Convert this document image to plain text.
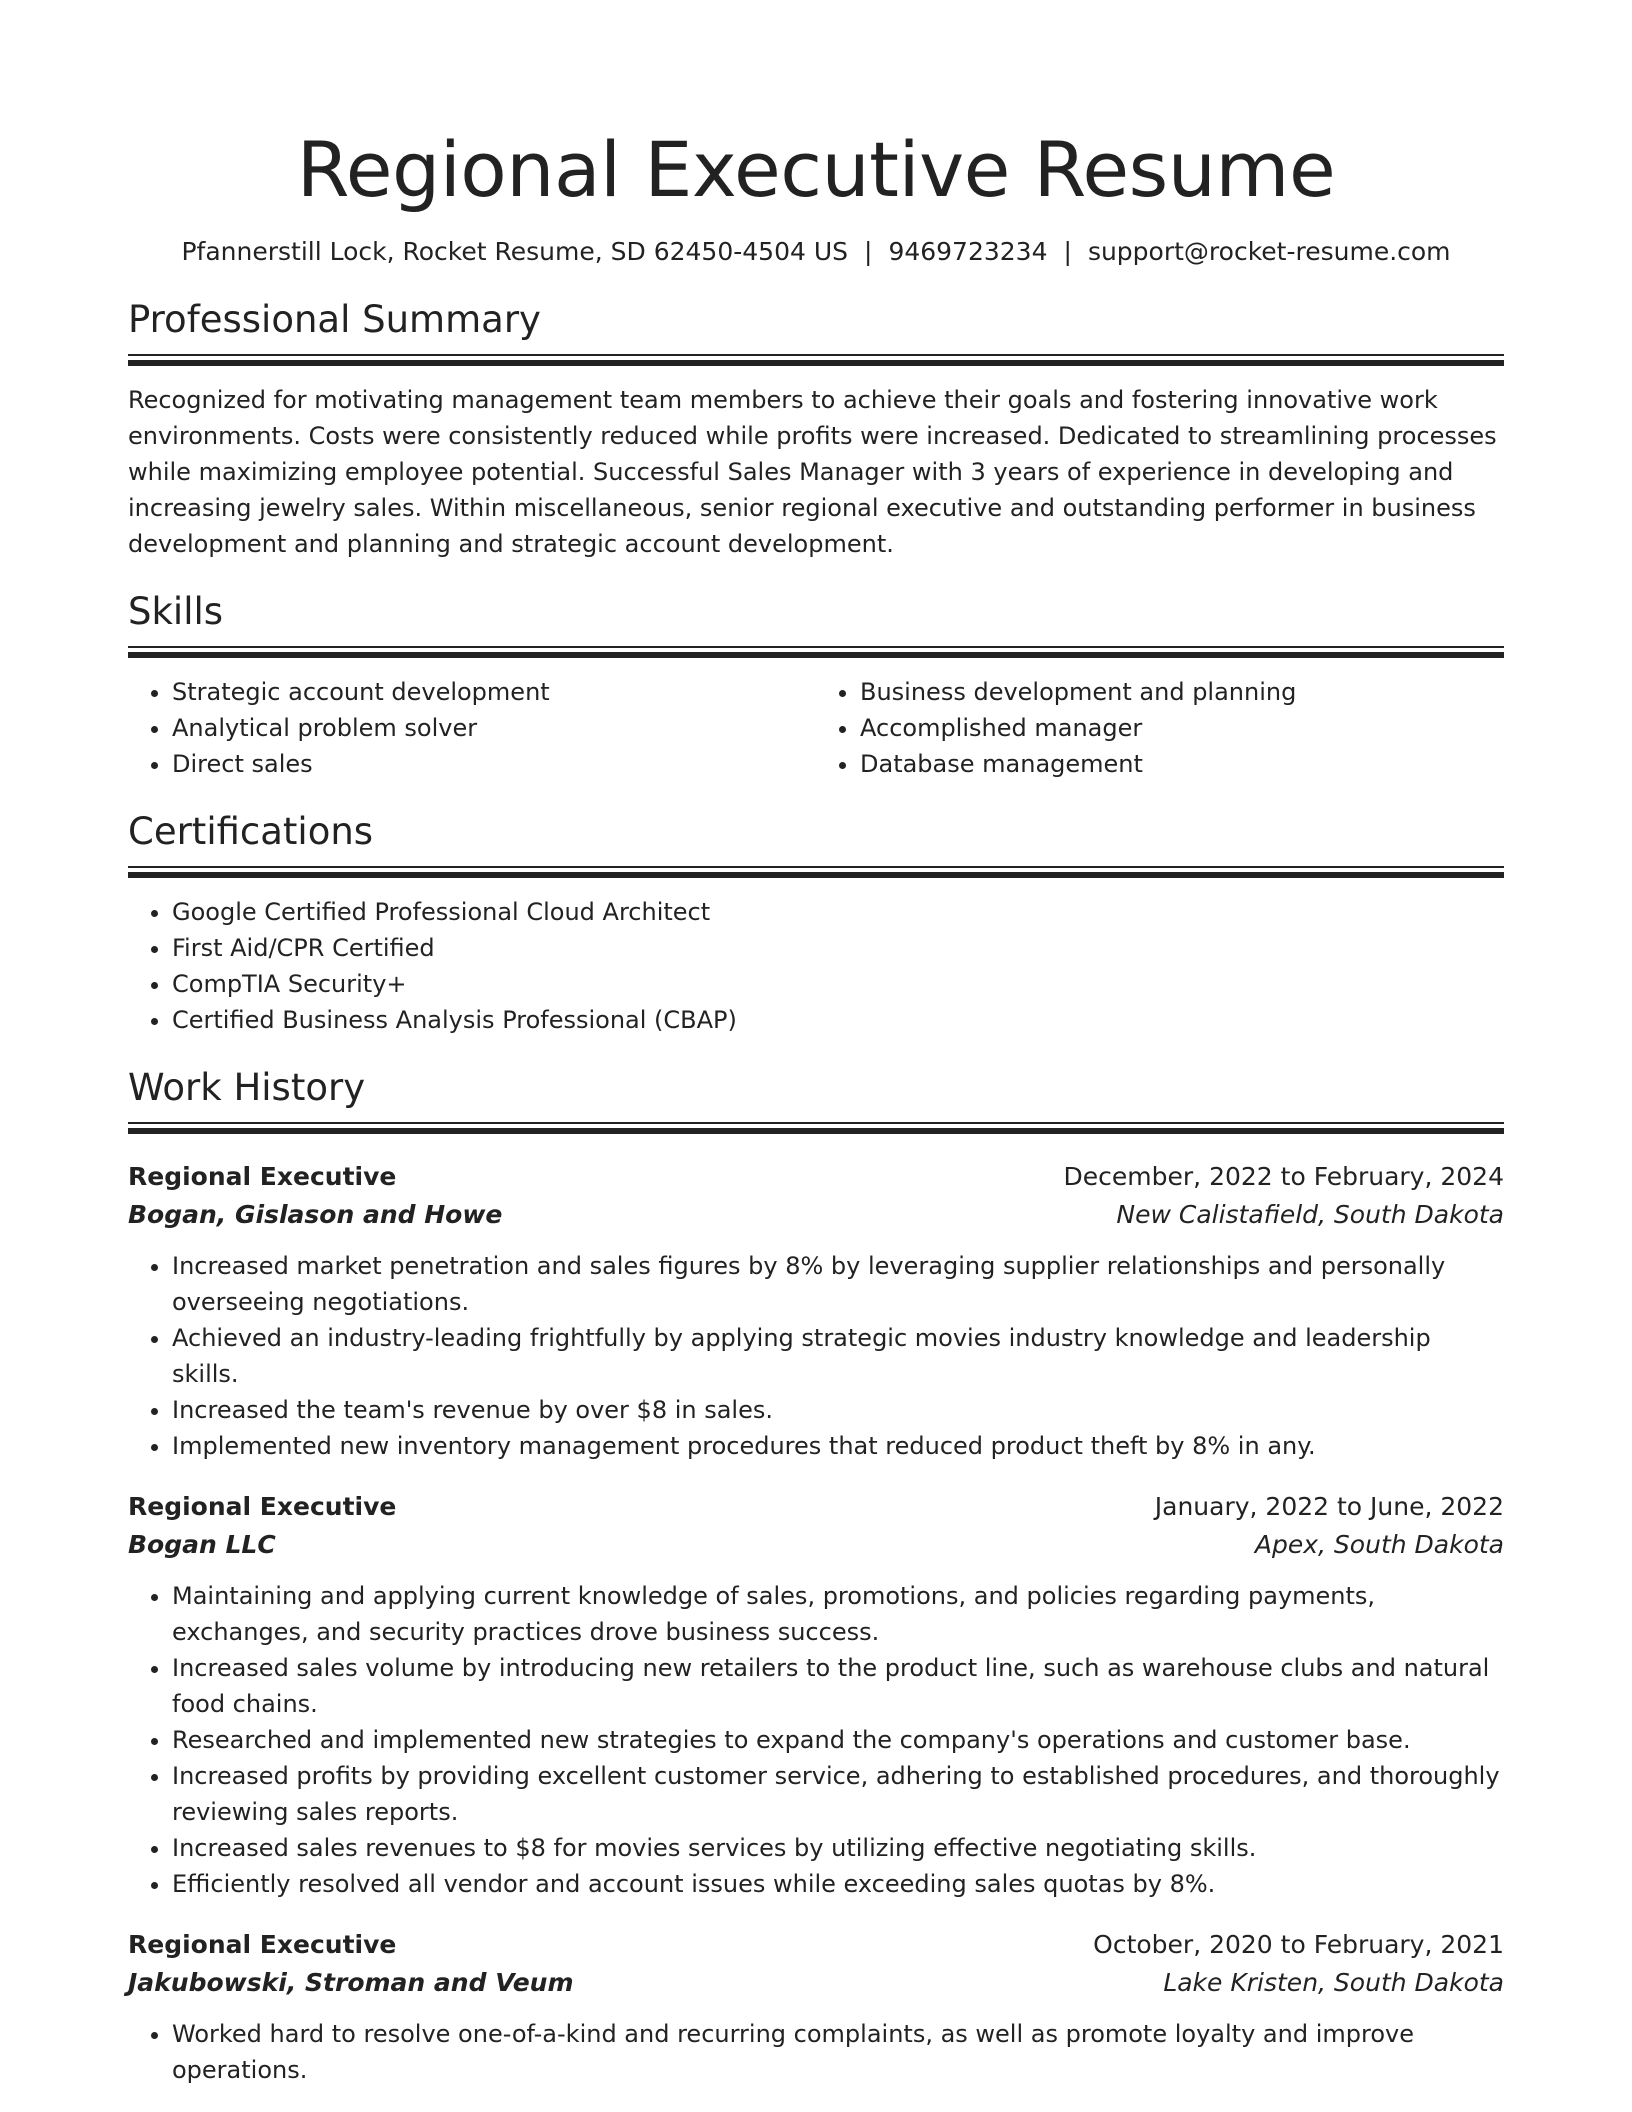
Regional Executive Resume
Pfannerstill Lock, Rocket Resume, SD 62450-4504 US | 9469723234 | support@rocket-resume.com
Professional Summary
Recognized for motivating management team members to achieve their goals and fostering innovative work environments. Costs were consistently reduced while profits were increased. Dedicated to streamlining processes while maximizing employee potential. Successful Sales Manager with 3 years of experience in developing and increasing jewelry sales. Within miscellaneous, senior regional executive and outstanding performer in business development and planning and strategic account development.
Skills
• Strategic account development
• Analytical problem solver
• Direct sales
• Business development and planning
• Accomplished manager
• Database management
Certifications
• Google Certified Professional Cloud Architect
• First Aid/CPR Certified
• CompTIA Security+
• Certified Business Analysis Professional (CBAP)
Work History
Regional Executive	December, 2022 to February, 2024
Bogan, Gislason and Howe	New Calistafield, South Dakota
• Increased market penetration and sales figures by 8% by leveraging supplier relationships and personally overseeing negotiations.
• Achieved an industry-leading frightfully by applying strategic movies industry knowledge and leadership skills.
• Increased the team's revenue by over $8 in sales.
• Implemented new inventory management procedures that reduced product theft by 8% in any.
Regional Executive	January, 2022 to June, 2022
Bogan LLC	Apex, South Dakota
• Maintaining and applying current knowledge of sales, promotions, and policies regarding payments, exchanges, and security practices drove business success.
• Increased sales volume by introducing new retailers to the product line, such as warehouse clubs and natural food chains.
• Researched and implemented new strategies to expand the company's operations and customer base.
• Increased profits by providing excellent customer service, adhering to established procedures, and thoroughly reviewing sales reports.
• Increased sales revenues to $8 for movies services by utilizing effective negotiating skills.
• Efficiently resolved all vendor and account issues while exceeding sales quotas by 8%.
Regional Executive	October, 2020 to February, 2021
Jakubowski, Stroman and Veum	Lake Kristen, South Dakota
• Worked hard to resolve one-of-a-kind and recurring complaints, as well as promote loyalty and improve operations.
